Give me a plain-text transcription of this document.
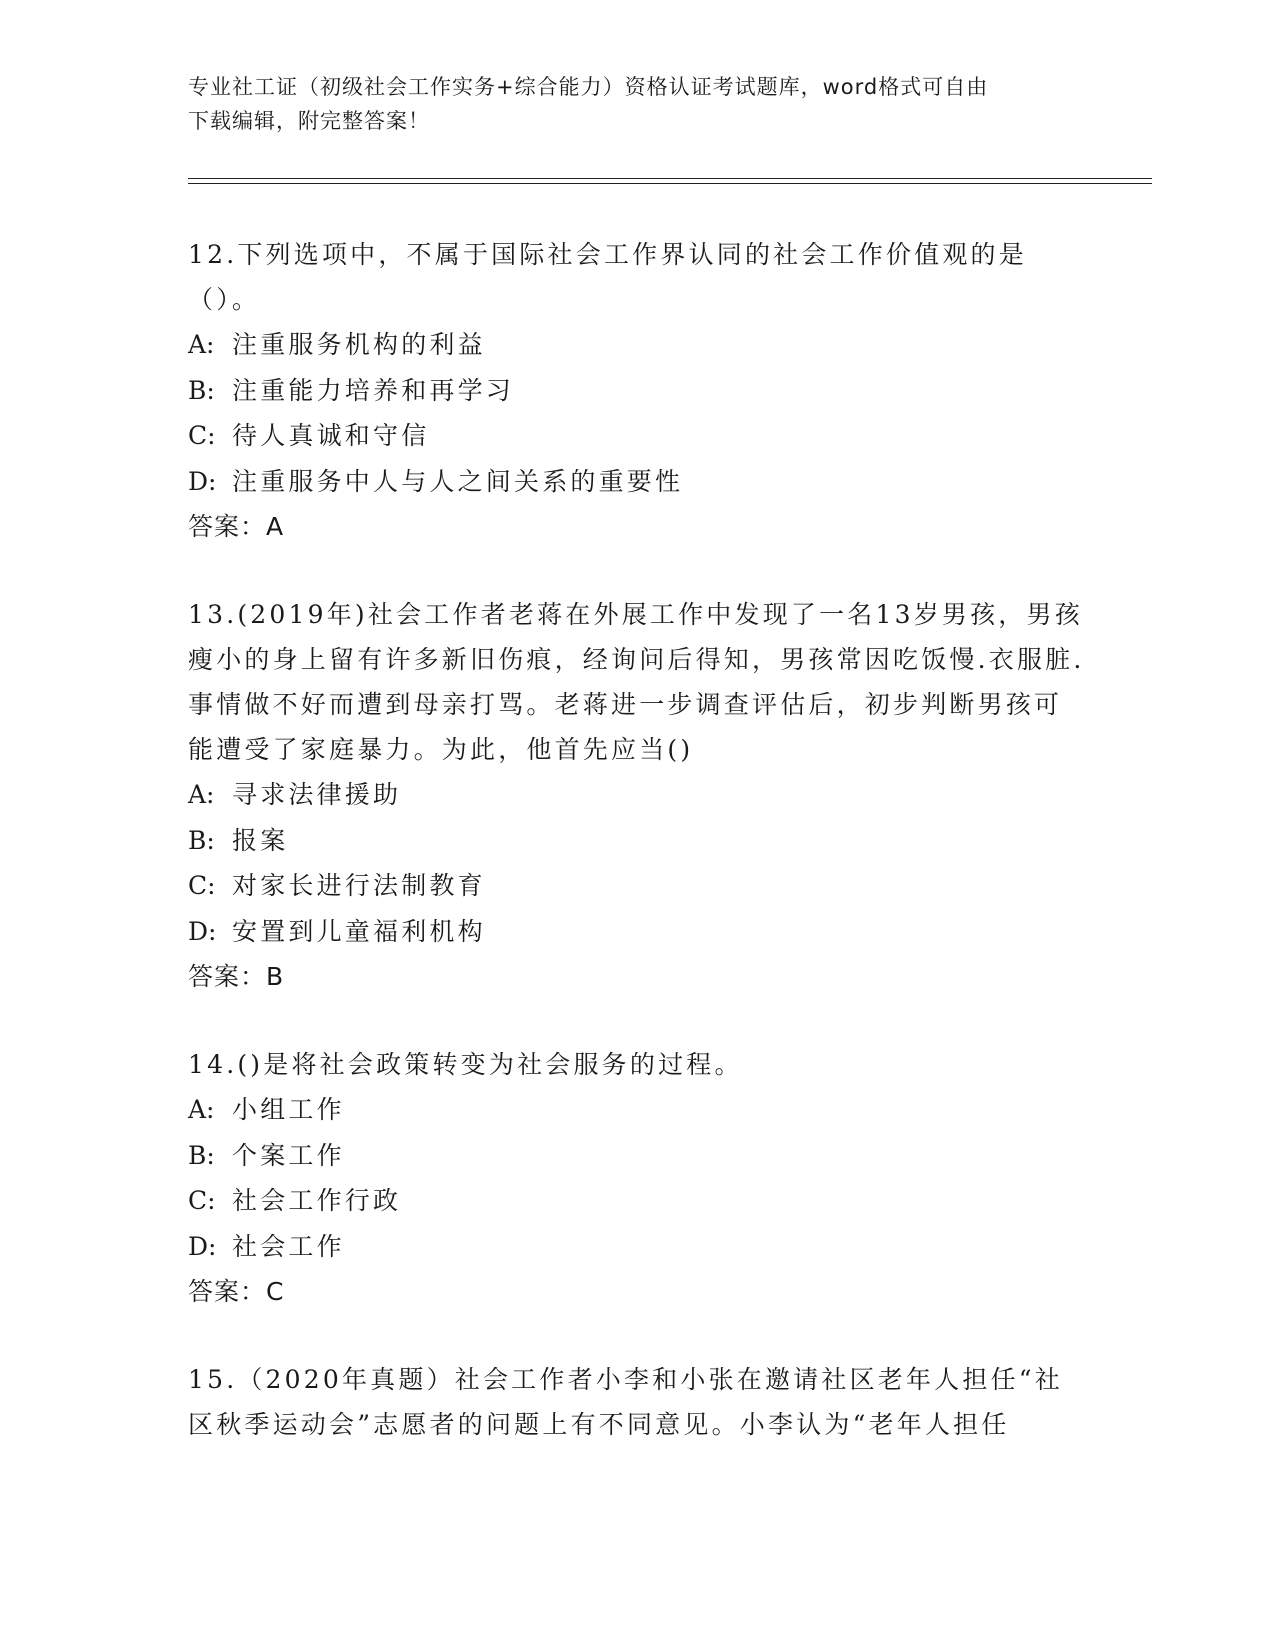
专业社工证（初级社会工作实务+综合能力）资格认证考试题库，word格式可自由
下载编辑，附完整答案！

12.下列选项中，不属于国际社会工作界认同的社会工作价值观的是（）。

A: 注重服务机构的利益

B: 注重能力培养和再学习

C: 待人真诚和守信

D: 注重服务中人与人之间关系的重要性

答案：A

13.(2019年)社会工作者老蒋在外展工作中发现了一名13岁男孩，男孩瘦小的身上留有许多新旧伤痕，经询问后得知，男孩常因吃饭慢.衣服脏.事情做不好而遭到母亲打骂。老蒋进一步调查评估后，初步判断男孩可能遭受了家庭暴力。为此，他首先应当()

A: 寻求法律援助

B: 报案

C: 对家长进行法制教育

D: 安置到儿童福利机构

答案：B

14.()是将社会政策转变为社会服务的过程。

A: 小组工作

B: 个案工作

C: 社会工作行政

D: 社会工作

答案：C

15.（2020年真题）社会工作者小李和小张在邀请社区老年人担任“社区秋季运动会”志愿者的问题上有不同意见。小李认为“老年人担任
